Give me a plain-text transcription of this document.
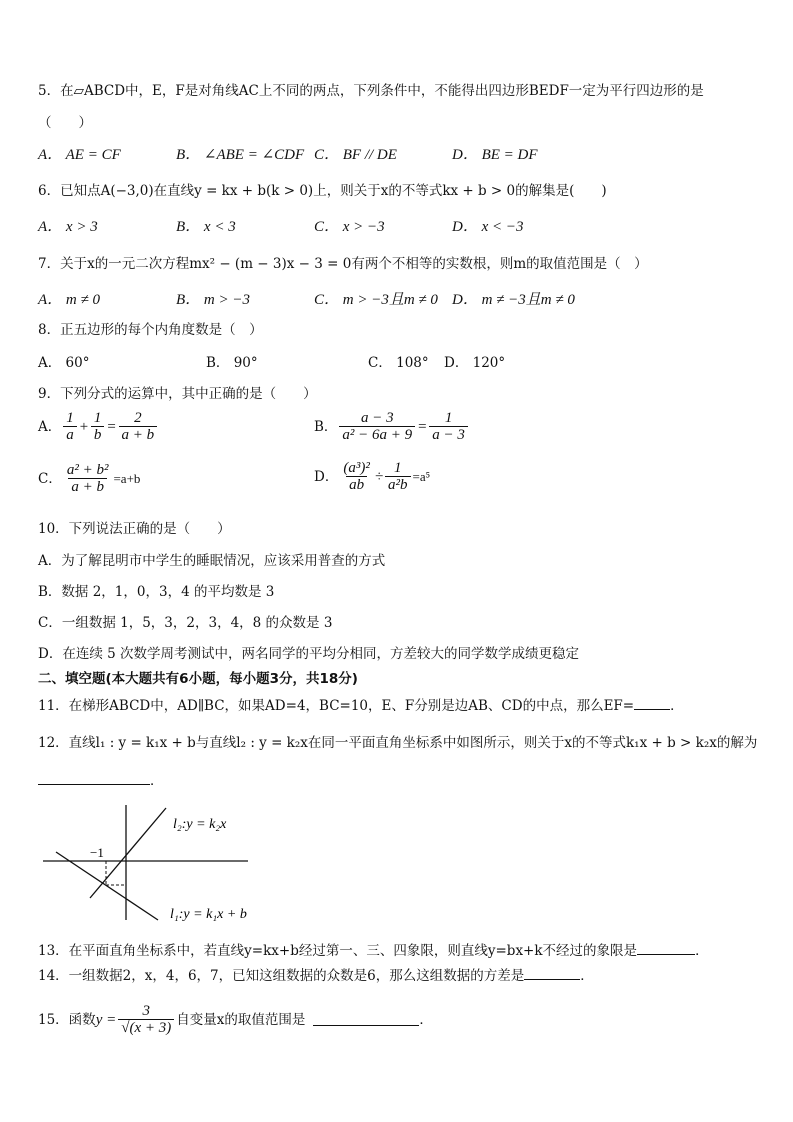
5．在▱ABCD中，E，F是对角线AC上不同的两点，下列条件中，不能得出四边形BEDF一定为平行四边形的是
（　　）
A． AE = CF	B． ∠ABE = ∠CDF C． BF // DE	D． BE = DF
6．已知点A(−3,0)在直线y = kx + b(k > 0)上，则关于x的不等式kx + b > 0的解集是(　　)
A． x > 3	B． x < 3	C． x > −3	D． x < −3
7．关于x的一元二次方程mx² − (m − 3)x − 3 = 0有两个不相等的实数根，则m的取值范围是（　）
A． m ≠ 0	B． m > −3	C． m > −3且m ≠ 0 D． m ≠ −3且m ≠ 0
8．正五边形的每个内角度数是（　）
A． 60°	B． 90°	C． 108° D． 120°
9．下列分式的运算中，其中正确的是（　　）
A． $\frac{1}{a} + \frac{1}{b} = \frac{2}{a + b}$	B． $\frac{a - 3}{\text{a² − 6a + 9}} = \frac{1}{a - 3}$
C． $\frac{\text{a² + b²}}{a + b} =a+b$	D． $\frac{\text{(a³)²}}{ab} \div \frac{1}{\text{a²b}} =a^5$
10．下列说法正确的是（　　）
A．为了解昆明市中学生的睡眠情况，应该采用普查的方式
B．数据 2，1，0，3，4 的平均数是 3
C．一组数据 1，5，3，2，3，4，8 的众数是 3
D．在连续 5 次数学周考测试中，两名同学的平均分相同，方差较大的同学数学成绩更稳定
二、填空题(本大题共有6小题，每小题3分，共18分)
11．在梯形ABCD中，AD∥BC，如果AD=4，BC=10，E、F分别是边AB、CD的中点，那么EF=	．
12．直线l₁ : y = k₁x + b与直线l₂ : y = k₂x在同一平面直角坐标系中如图所示，则关于x的不等式k₁x + b > k₂x的解为
．
−1
l₂:y = k₂x
l₁:y = k₁x + b
13．在平面直角坐标系中，若直线y=kx+b经过第一、三、四象限，则直线y=bx+k不经过的象限是	．
14．一组数据2，x，4，6，7，已知这组数据的众数是6，那么这组数据的方差是	．
15．函数 $y = \frac{3}{√(x + 3)}$ 自变量x的取值范围是	．
